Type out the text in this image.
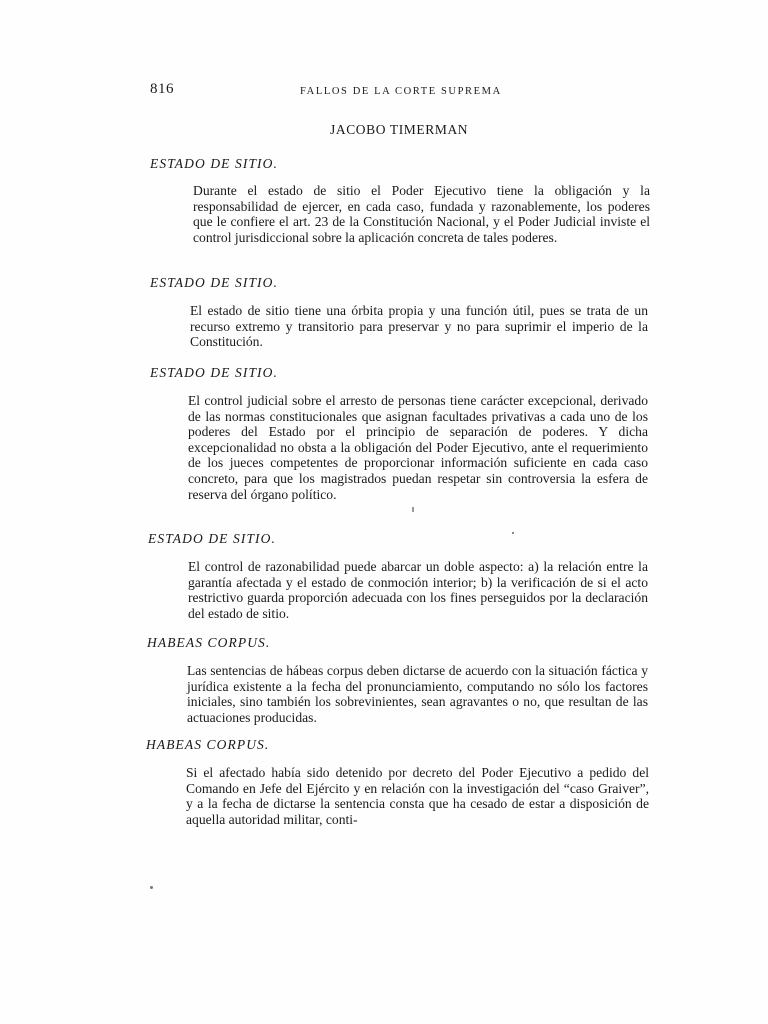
816	FALLOS DE LA CORTE SUPREMA
JACOBO TIMERMAN
ESTADO DE SITIO.

Durante el estado de sitio el Poder Ejecutivo tiene la obligación y la responsabilidad de ejercer, en cada caso, fundada y razonablemente, los poderes que le confiere el art. 23 de la Constitución Nacional, y el Poder Judicial inviste el control jurisdiccional sobre la aplicación concreta de tales poderes.

ESTADO DE SITIO.

El estado de sitio tiene una órbita propia y una función útil, pues se trata de un recurso extremo y transitorio para preservar y no para suprimir el imperio de la Constitución.

ESTADO DE SITIO.

El control judicial sobre el arresto de personas tiene carácter excepcional, derivado de las normas constitucionales que asignan facultades privativas a cada uno de los poderes del Estado por el principio de separación de poderes. Y dicha excepcionalidad no obsta a la obligación del Poder Ejecutivo, ante el requerimiento de los jueces competentes de proporcionar información suficiente en cada caso concreto, para que los magistrados puedan respetar sin controversia la esfera de reserva del órgano político.

ESTADO DE SITIO.

El control de razonabilidad puede abarcar un doble aspecto: a) la relación entre la garantía afectada y el estado de conmoción interior; b) la verificación de si el acto restrictivo guarda proporción adecuada con los fines perseguidos por la declaración del estado de sitio.

HABEAS CORPUS.

Las sentencias de hábeas corpus deben dictarse de acuerdo con la situación fáctica y jurídica existente a la fecha del pronunciamiento, computando no sólo los factores iniciales, sino también los sobrevinientes, sean agravantes o no, que resultan de las actuaciones producidas.

HABEAS CORPUS.

Si el afectado había sido detenido por decreto del Poder Ejecutivo a pedido del Comando en Jefe del Ejército y en relación con la investigación del “caso Graiver”, y a la fecha de dictarse la sentencia consta que ha cesado de estar a disposición de aquella autoridad militar, conti-
